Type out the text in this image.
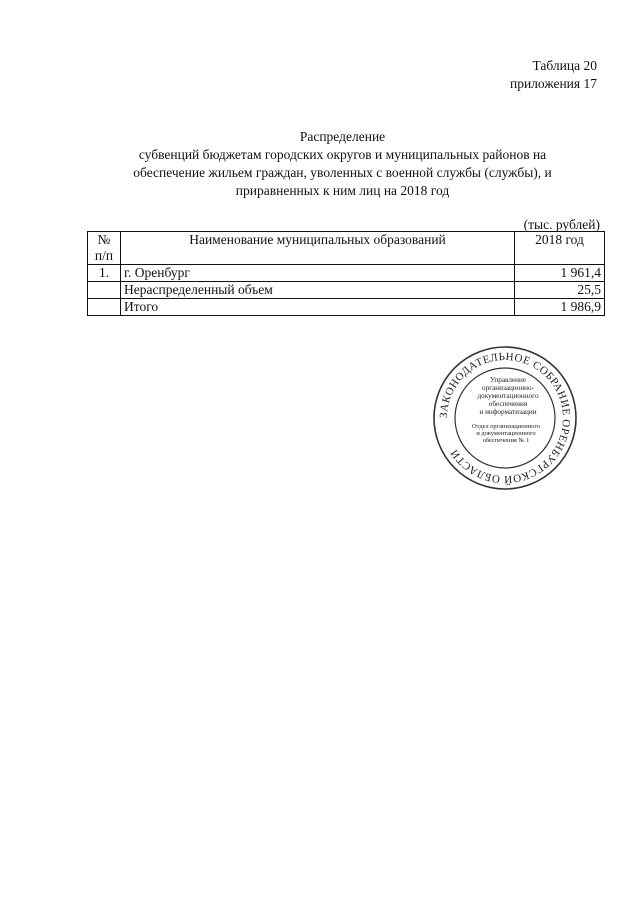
Таблица 20
приложения 17
Распределение
субвенций бюджетам городских округов и муниципальных районов на
обеспечение жильем граждан, уволенных с военной службы (службы), и
приравненных к ним лиц на 2018 год
(тыс. рублей)
№
п/п	Наименование муниципальных образований	2018 год
1.	г. Оренбург	1 961,4
	Нераспределенный объем	25,5
	Итого	1 986,9
ЗАКОНОДАТЕЛЬНОЕ СОБРАНИЕ ОРЕНБУРГСКОЙ ОБЛАСТИ
Управление
организационно-
документационного
обеспечения
и информатизации
Отдел организационного
и документационного
обеспечения № 1
